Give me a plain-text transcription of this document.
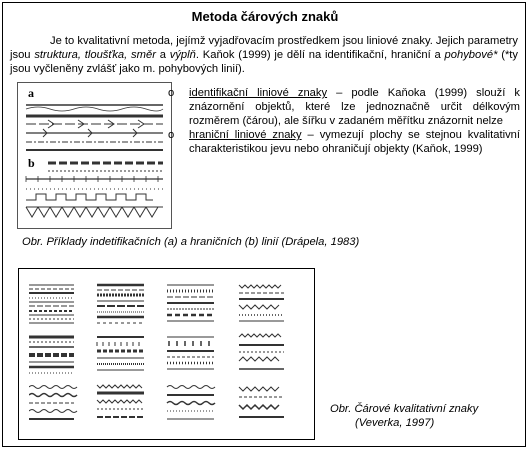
Metoda čárových znaků
Je to kvalitativní metoda, jejímž vyjadřovacím prostředkem jsou liniové znaky. Jejich parametry jsou struktura, tloušťka, směr a výplň. Kaňok (1999) je dělí na identifikační, hraniční a pohybové* (*ty jsou vyčleněny zvlášť jako m. pohybových linií).
a
b
o identifikační liniové znaky – podle Kaňoka (1999) slouží k znázornění objektů, které lze jednoznačně určit délkovým rozměrem (čárou), ale šířku v zadaném měřítku znázornit nelze
o hraniční liniové znaky – vymezují plochy se stejnou kvalitativní charakteristikou jevu nebo ohraničují objekty (Kaňok, 1999)
Obr. Příklady indetifikačních (a) a hraničních (b) linií (Drápela, 1983)
Obr. Čárové kvalitativní znaky
(Veverka, 1997)
